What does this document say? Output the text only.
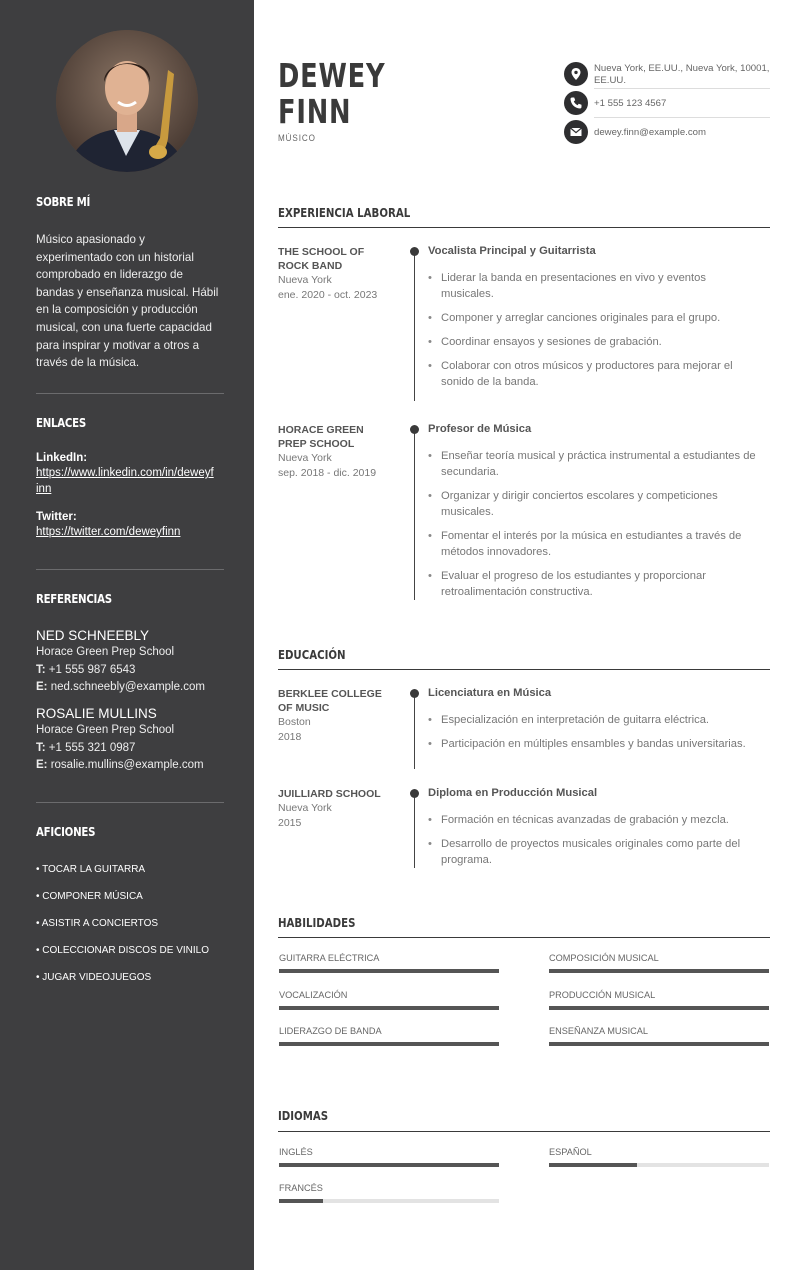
SOBRE MÍ
Músico apasionado y experimentado con un historial comprobado en liderazgo de bandas y enseñanza musical. Hábil en la composición y producción musical, con una fuerte capacidad para inspirar y motivar a otros a través de la música.
ENLACES
LinkedIn:
https://www.linkedin.com/in/deweyfinn
Twitter:
https://twitter.com/deweyfinn
REFERENCIAS
NED SCHNEEBLY
Horace Green Prep School
T: +1 555 987 6543
E: ned.schneebly@example.com
ROSALIE MULLINS
Horace Green Prep School
T: +1 555 321 0987
E: rosalie.mullins@example.com
AFICIONES
• TOCAR LA GUITARRA
• COMPONER MÚSICA
• ASISTIR A CONCIERTOS
• COLECCIONAR DISCOS DE VINILO
• JUGAR VIDEOJUEGOS
DEWEY
FINN
MÚSICO
Nueva York, EE.UU., Nueva York, 10001, EE.UU.
+1 555 123 4567
dewey.finn@example.com
EXPERIENCIA LABORAL
THE SCHOOL OF ROCK BAND
Nueva York
ene. 2020 - oct. 2023
Vocalista Principal y Guitarrista
• Liderar la banda en presentaciones en vivo y eventos musicales.
• Componer y arreglar canciones originales para el grupo.
• Coordinar ensayos y sesiones de grabación.
• Colaborar con otros músicos y productores para mejorar el sonido de la banda.
HORACE GREEN PREP SCHOOL
Nueva York
sep. 2018 - dic. 2019
Profesor de Música
• Enseñar teoría musical y práctica instrumental a estudiantes de secundaria.
• Organizar y dirigir conciertos escolares y competiciones musicales.
• Fomentar el interés por la música en estudiantes a través de métodos innovadores.
• Evaluar el progreso de los estudiantes y proporcionar retroalimentación constructiva.
EDUCACIÓN
BERKLEE COLLEGE OF MUSIC
Boston
2018
Licenciatura en Música
• Especialización en interpretación de guitarra eléctrica.
• Participación en múltiples ensambles y bandas universitarias.
JUILLIARD SCHOOL
Nueva York
2015
Diploma en Producción Musical
• Formación en técnicas avanzadas de grabación y mezcla.
• Desarrollo de proyectos musicales originales como parte del programa.
HABILIDADES
GUITARRA ELÉCTRICA	COMPOSICIÓN MUSICAL
VOCALIZACIÓN	PRODUCCIÓN MUSICAL
LIDERAZGO DE BANDA	ENSEÑANZA MUSICAL
IDIOMAS
INGLÉS	ESPAÑOL
FRANCÉS
